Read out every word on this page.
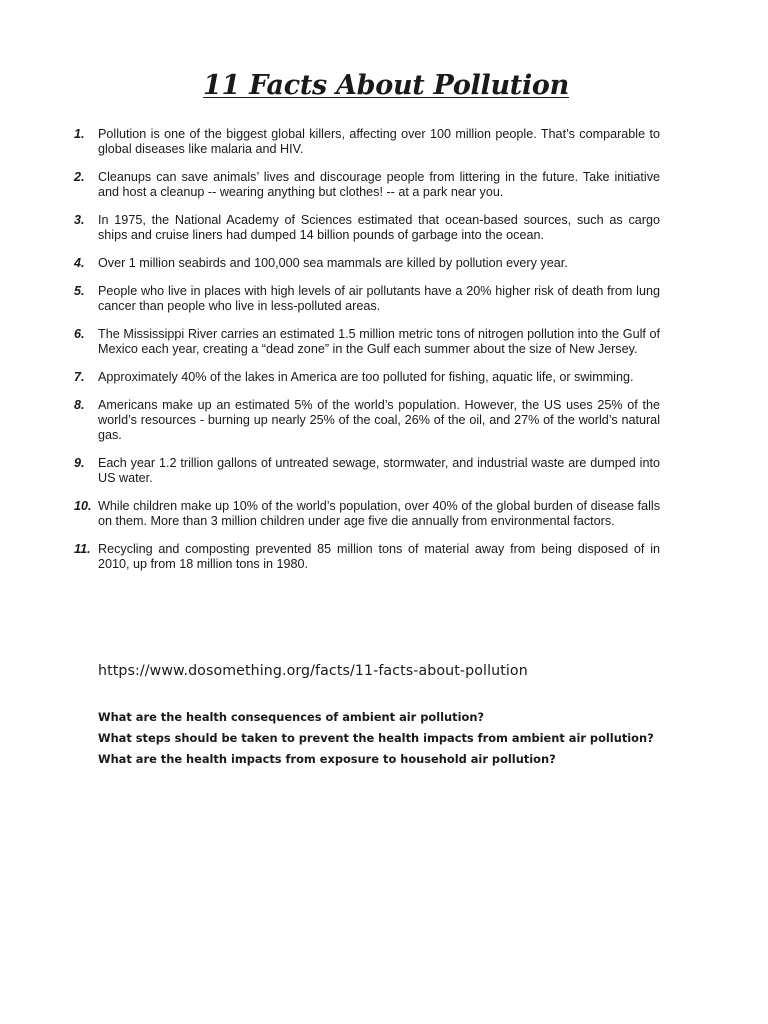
11 Facts About Pollution
1.	Pollution is one of the biggest global killers, affecting over 100 million people. That’s comparable to global diseases like malaria and HIV.
2.	Cleanups can save animals’ lives and discourage people from littering in the future. Take initiative and host a cleanup -- wearing anything but clothes! -- at a park near you.
3.	In 1975, the National Academy of Sciences estimated that ocean-based sources, such as cargo ships and cruise liners had dumped 14 billion pounds of garbage into the ocean.
4.	Over 1 million seabirds and 100,000 sea mammals are killed by pollution every year.
5.	People who live in places with high levels of air pollutants have a 20% higher risk of death from lung cancer than people who live in less-polluted areas.
6.	The Mississippi River carries an estimated 1.5 million metric tons of nitrogen pollution into the Gulf of Mexico each year, creating a “dead zone” in the Gulf each summer about the size of New Jersey.
7.	Approximately 40% of the lakes in America are too polluted for fishing, aquatic life, or swimming.
8.	Americans make up an estimated 5% of the world’s population. However, the US uses 25% of the world’s resources - burning up nearly 25% of the coal, 26% of the oil, and 27% of the world’s natural gas.
9.	Each year 1.2 trillion gallons of untreated sewage, stormwater, and industrial waste are dumped into US water.
10. While children make up 10% of the world’s population, over 40% of the global burden of disease falls on them. More than 3 million children under age five die annually from environmental factors.
11. Recycling and composting prevented 85 million tons of material away from being disposed of in 2010, up from 18 million tons in 1980.
https://www.dosomething.org/facts/11-facts-about-pollution
What are the health consequences of ambient air pollution?
What steps should be taken to prevent the health impacts from ambient air pollution?
What are the health impacts from exposure to household air pollution?
